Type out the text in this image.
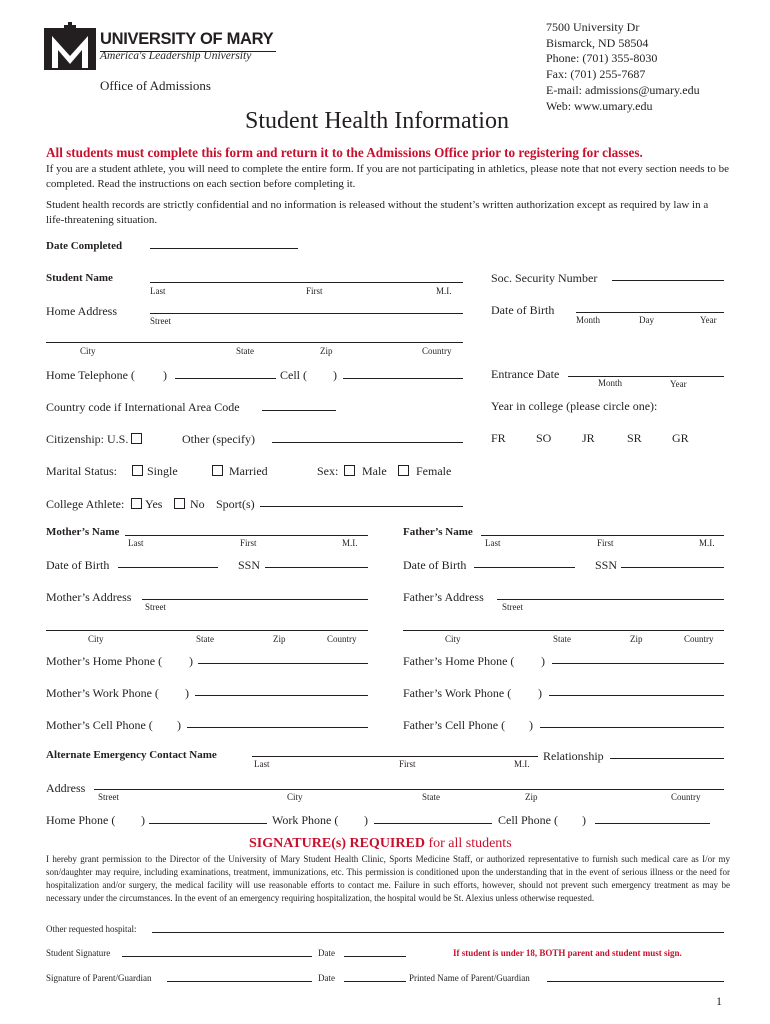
UNIVERSITY OF MARY
America's Leadership University
Office of Admissions
7500 University Dr
Bismarck, ND 58504
Phone: (701) 355-8030
Fax: (701) 255-7687
E-mail: admissions@umary.edu
Web: www.umary.edu
Student Health Information
All students must complete this form and return it to the Admissions Office prior to registering for classes.
If you are a student athlete, you will need to complete the entire form. If you are not participating in athletics, please note that not every section needs to be completed. Read the instructions on each section before completing it.
Student health records are strictly confidential and no information is released without the student’s written authorization except as required by law in a life-threatening situation.
Date Completed
Student Name
Last	First	M.I.
Soc. Security Number
Home Address
Street
Date of Birth
Month	Day	Year
City	State	Zip	Country
Home Telephone ( )	Cell ( )	Entrance Date
Month	Year
Country code if International Area Code	Year in college (please circle one):
FR	SO	JR	SR	GR
Citizenship: U.S.	Other (specify)
Marital Status:	Single	Married	Sex: Male Female
College Athlete: Yes No Sport(s)
Mother’s Name
Last	First	M.I.
Father’s Name
Last	First	M.I.
Date of Birth	SSN	Date of Birth	SSN
Mother’s Address
Street
Father’s Address
Street
City	State	Zip	Country	City	State	Zip	Country
Mother’s Home Phone ( )	Father’s Home Phone ( )
Mother’s Work Phone ( )	Father’s Work Phone ( )
Mother’s Cell Phone ( )	Father’s Cell Phone ( )
Alternate Emergency Contact Name
Last	First	M.I.
Relationship
Address
Street	City	State	Zip	Country
Home Phone ( )	Work Phone ( )	Cell Phone ( )
SIGNATURE(s) REQUIRED for all students
I hereby grant permission to the Director of the University of Mary Student Health Clinic, Sports Medicine Staff, or authorized representative to furnish such medical care as I/or my son/daughter may require, including examinations, treatment, immunizations, etc. This permission is conditioned upon the understanding that in the event of serious illness or the need for hospitalization and/or surgery, the medical facility will use reasonable efforts to contact me. Failure in such efforts, however, should not prevent such emergency treatment as may be necessary under the circumstances. In the event of an emergency requiring hospitalization, the hospital would be St. Alexius unless otherwise requested.
Other requested hospital:
Student Signature	Date	If student is under 18, BOTH parent and student must sign.
Signature of Parent/Guardian	Date	Printed Name of Parent/Guardian
1
